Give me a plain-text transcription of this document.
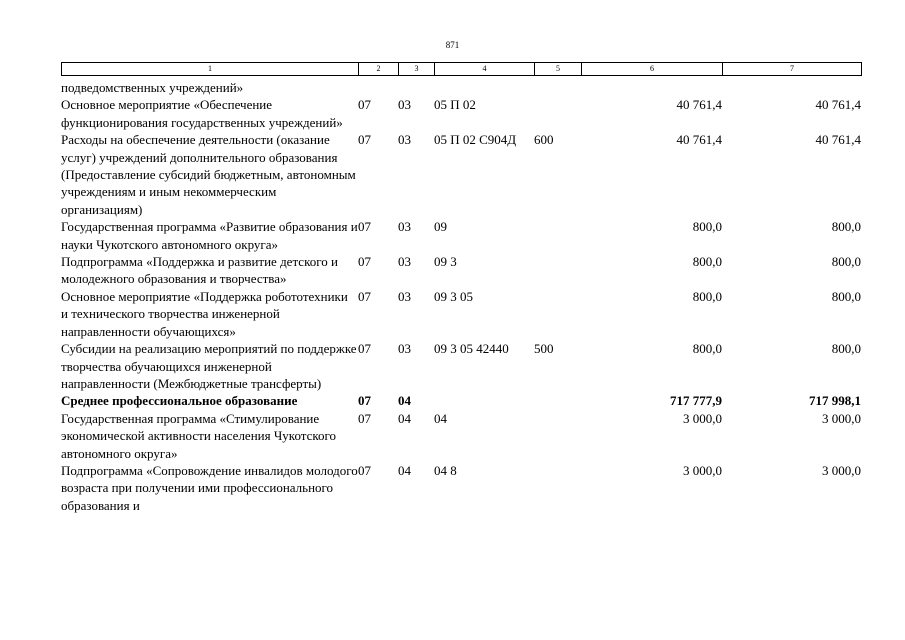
871
1	2	3	4	5	6	7
подведомственных учреждений»						
Основное мероприятие «Обеспечение функционирования государственных учреждений»	07	03	05 П 02		40 761,4	40 761,4
Расходы на обеспечение деятельности (оказание услуг) учреждений дополнительного образования (Предоставление субсидий бюджетным, автономным учреждениям и иным некоммерческим организациям)	07	03	05 П 02 С904Д	600	40 761,4	40 761,4
Государственная программа «Развитие образования и науки Чукотского автономного округа»	07	03	09		800,0	800,0
Подпрограмма «Поддержка и развитие детского и молодежного образования и творчества»	07	03	09 3		800,0	800,0
Основное мероприятие «Поддержка робототехники и технического творчества инженерной направленности обучающихся»	07	03	09 3 05		800,0	800,0
Субсидии на реализацию мероприятий по поддержке творчества обучающихся инженерной направленности (Межбюджетные трансферты)	07	03	09 3 05 42440	500	800,0	800,0
Среднее профессиональное образование	07	04			717 777,9	717 998,1
Государственная программа «Стимулирование экономической активности населения Чукотского автономного округа»	07	04	04		3 000,0	3 000,0
Подпрограмма «Сопровождение инвалидов молодого возраста при получении ими профессионального образования и	07	04	04 8		3 000,0	3 000,0
